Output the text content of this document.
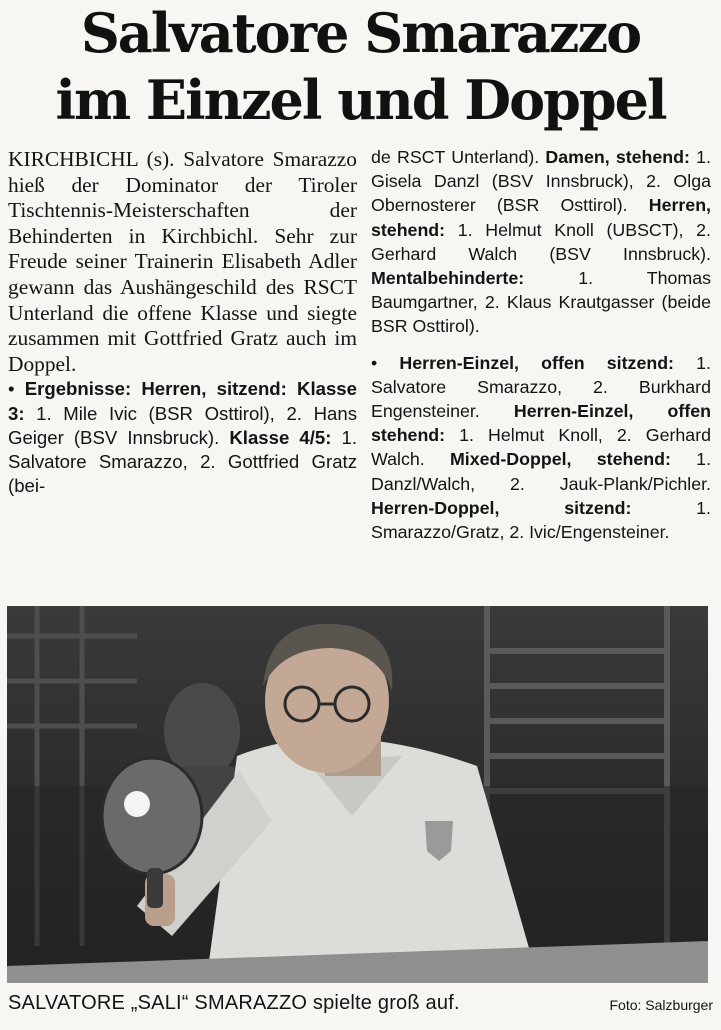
Salvatore Smarazzo
im Einzel und Doppel

KIRCHBICHL (s). Salvatore Smarazzo hieß der Dominator der Tiroler Tischtennis-Meisterschaften der Behinderten in Kirchbichl. Sehr zur Freude seiner Trainerin Elisabeth Adler gewann das Aushängeschild des RSCT Unterland die offene Klasse und siegte zusammen mit Gottfried Gratz auch im Doppel.

• Ergebnisse: Herren, sitzend: Klasse 3: 1. Mile Ivic (BSR Osttirol), 2. Hans Geiger (BSV Innsbruck). Klasse 4/5: 1. Salvatore Smarazzo, 2. Gottfried Gratz (bei-

de RSCT Unterland). Damen, stehend: 1. Gisela Danzl (BSV Innsbruck), 2. Olga Obernosterer (BSR Osttirol). Herren, stehend: 1. Helmut Knoll (UBSCT), 2. Gerhard Walch (BSV Innsbruck). Mentalbehinderte: 1. Thomas Baumgartner, 2. Klaus Krautgasser (beide BSR Osttirol).

• Herren-Einzel, offen sitzend: 1. Salvatore Smarazzo, 2. Burkhard Engensteiner. Herren-Einzel, offen stehend: 1. Helmut Knoll, 2. Gerhard Walch. Mixed-Doppel, stehend: 1. Danzl/Walch, 2. Jauk-Plank/Pichler. Herren-Doppel, sitzend: 1. Smarazzo/Gratz, 2. Ivic/Engensteiner.

SALVATORE „SALI“ SMARAZZO spielte groß auf.	Foto: Salzburger
